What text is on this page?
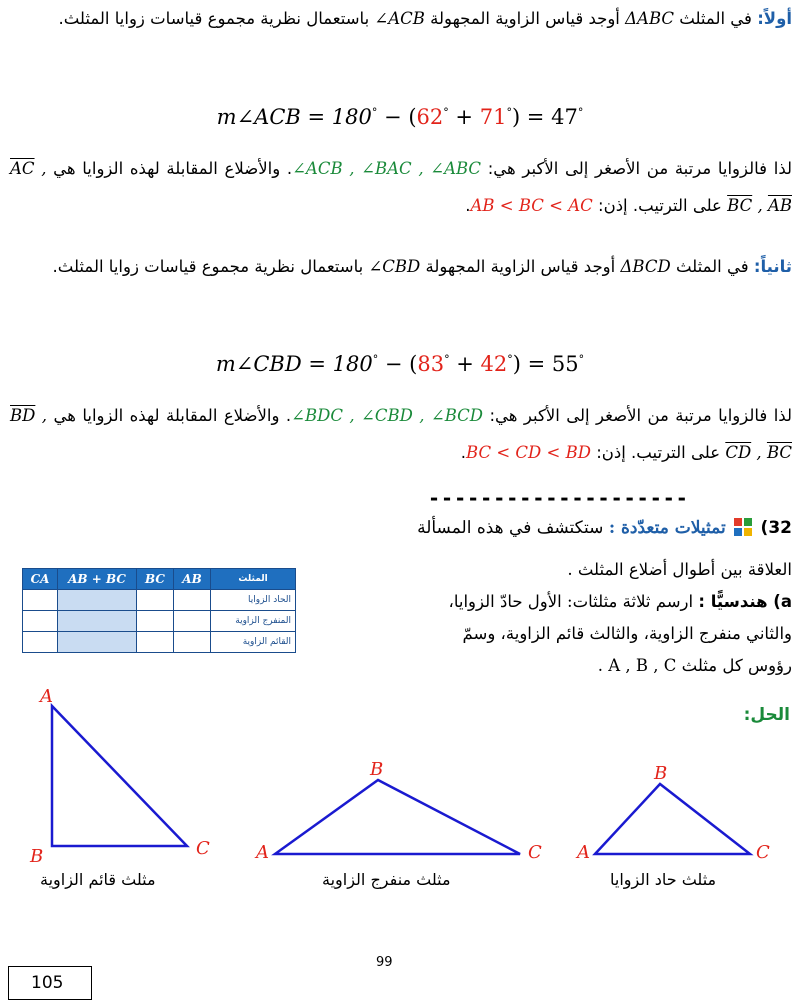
أولاً: في المثلث ΔABC أوجد قياس الزاوية المجهولة ∠ACB باستعمال نظرية مجموع قياسات زوايا المثلث.
m∠ACB = 180° − (62° + 71°) = 47°
لذا فالزوايا مرتبة من الأصغر إلى الأكبر هي: ∠ACB , ∠BAC , ∠ABC. والأضلاع المقابلة لهذه الزوايا هي $\overline{AC}$ , $\overline{BC}$ , $\overline{AB}$ على الترتيب. إذن: AB < BC < AC.
ثانياً: في المثلث ΔBCD أوجد قياس الزاوية المجهولة ∠CBD باستعمال نظرية مجموع قياسات زوايا المثلث.
m∠CBD = 180° − (83° + 42°) = 55°
لذا فالزوايا مرتبة من الأصغر إلى الأكبر هي: ∠BDC , ∠CBD , ∠BCD. والأضلاع المقابلة لهذه الزوايا هي $\overline{BD}$ , $\overline{CD}$ , $\overline{BC}$ على الترتيب. إذن: BC < CD < BD.
--------------------
32)  تمثيلات متعدّدة : ستكتشف في هذه المسألة
العلاقة بين أطوال أضلاع المثلث .
a) هندسيًّا : ارسم ثلاثة مثلثات: الأول حادّ الزوايا،
والثاني منفرج الزاوية، والثالث قائم الزاوية، وسمّ
رؤوس كل مثلث A , B , C .
CA	AB + BC	BC	AB	المثلث
				الحاد الزوايا
				المنفرج الزاوية
				القائم الزاوية
الحل:
A
B	C
B
A	C
B
A	C
مثلث قائم الزاوية	مثلث منفرج الزاوية	مثلث حاد الزوايا
99
105
